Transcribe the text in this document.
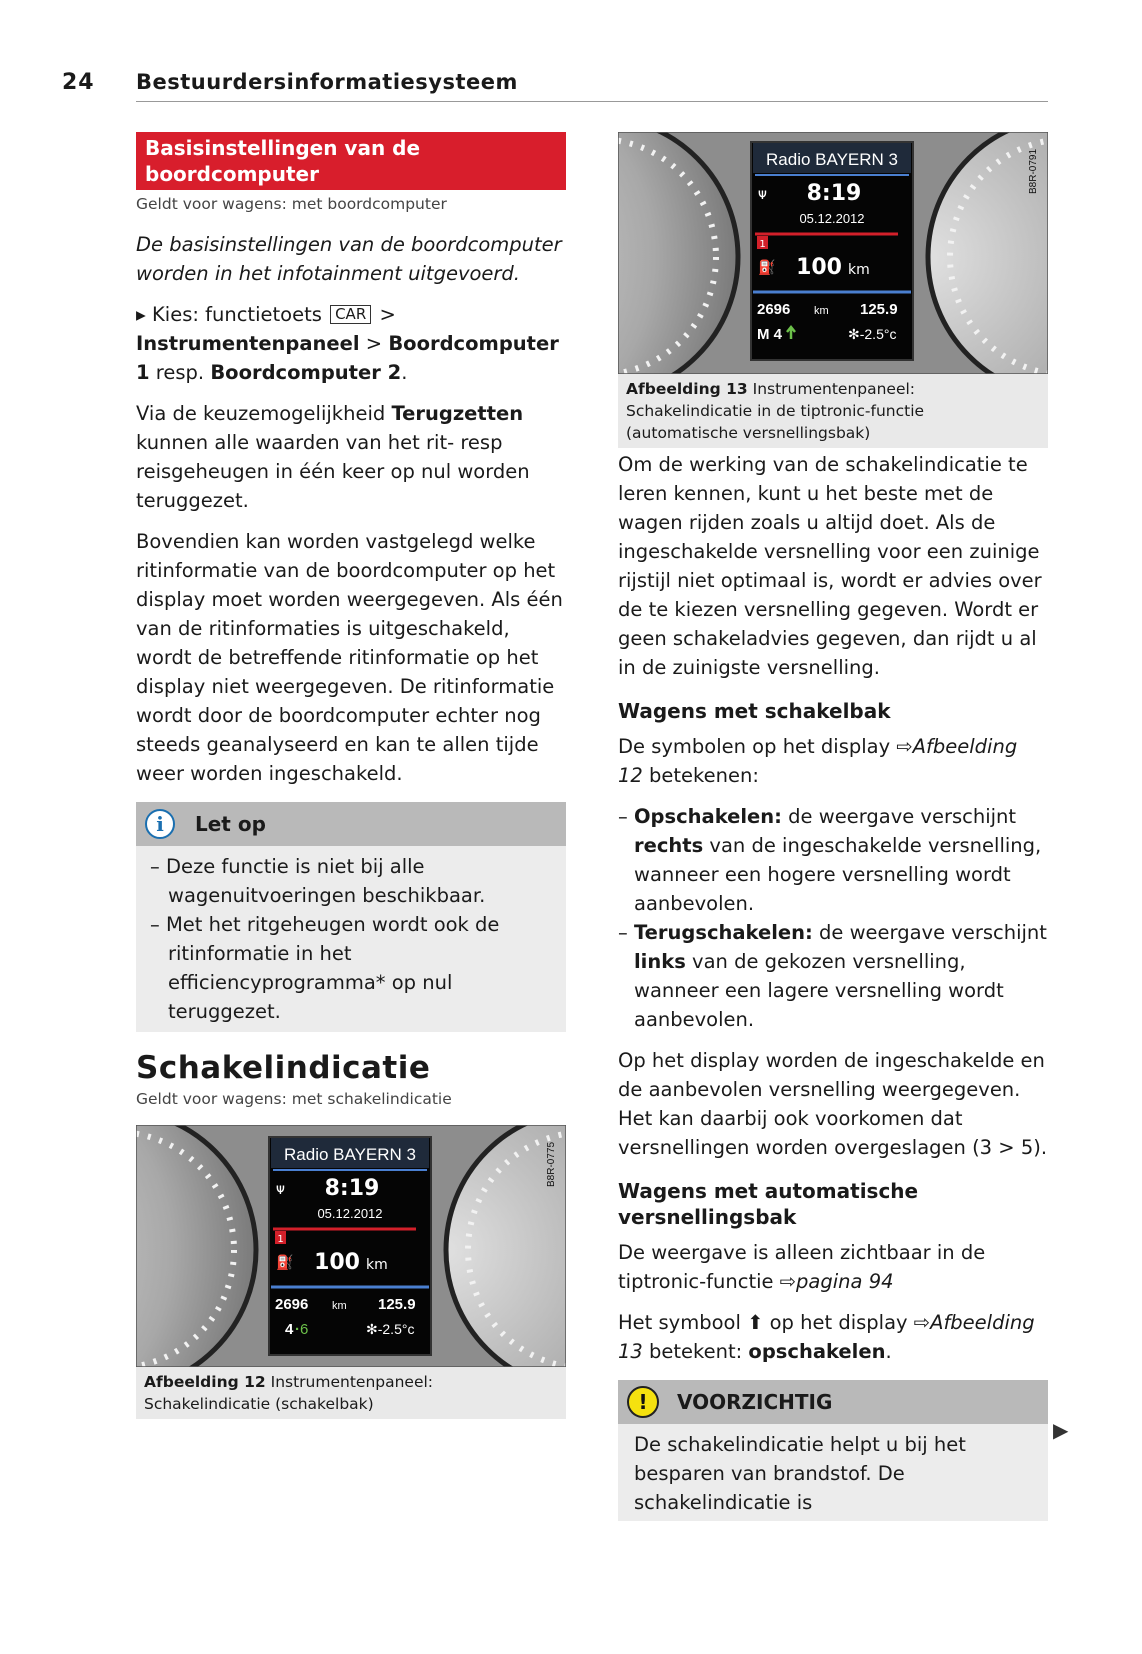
24 Bestuurdersinformatiesysteem
Basisinstellingen van de boordcomputer
Geldt voor wagens: met boordcomputer

De basisinstellingen van de boordcomputer worden in het infotainment uitgevoerd.

▸ Kies: functietoets CAR > Instrumentenpaneel > Boordcomputer 1 resp. Boordcomputer 2.

Via de keuzemogelijkheid Terugzetten kunnen alle waarden van het rit- resp reisgeheugen in één keer op nul worden teruggezet.

Bovendien kan worden vastgelegd welke ritinformatie van de boordcomputer op het display moet worden weergegeven. Als één van de ritinformaties is uitgeschakeld, wordt de betreffende ritinformatie op het display niet weergegeven. De ritinformatie wordt door de boordcomputer echter nog steeds geanalyseerd en kan te allen tijde weer worden ingeschakeld.

i	Let op
– Deze functie is niet bij alle wagenuitvoeringen beschikbaar.
– Met het ritgeheugen wordt ook de ritinformatie in het efficiencyprogramma* op nul teruggezet.
Schakelindicatie
Geldt voor wagens: met schakelindicatie

Radio BAYERN 3
ᴪ 8:19
05.12.2012
1
⛽ 100 km
2696 km 125.9
4 · 6	✻-2.5°c
B8R-0775
Afbeelding 12 Instrumentenpaneel: Schakelindicatie (schakelbak)
Radio BAYERN 3
ᴪ 8:19
05.12.2012
1
⛽ 100 km
2696 km 125.9
M 4	✻-2.5°c
B8R-0791
Afbeelding 13 Instrumentenpaneel: Schakelindicatie in de tiptronic-functie (automatische versnellingsbak)

Om de werking van de schakelindicatie te leren kennen, kunt u het beste met de wagen rijden zoals u altijd doet. Als de ingeschakelde versnelling voor een zuinige rijstijl niet optimaal is, wordt er advies over de te kiezen versnelling gegeven. Wordt er geen schakeladvies gegeven, dan rijdt u al in de zuinigste versnelling.

Wagens met schakelbak

De symbolen op het display ⇨Afbeelding 12 betekenen:

– Opschakelen: de weergave verschijnt rechts van de ingeschakelde versnelling, wanneer een hogere versnelling wordt aanbevolen.
– Terugschakelen: de weergave verschijnt links van de gekozen versnelling, wanneer een lagere versnelling wordt aanbevolen.

Op het display worden de ingeschakelde en de aanbevolen versnelling weergegeven. Het kan daarbij ook voorkomen dat versnellingen worden overgeslagen (3 > 5).

Wagens met automatische versnellingsbak

De weergave is alleen zichtbaar in de tiptronic-functie ⇨pagina 94

Het symbool ⬆ op het display ⇨Afbeelding 13 betekent: opschakelen.

!	VOORZICHTIG
De schakelindicatie helpt u bij het besparen van brandstof. De schakelindicatie is
▶
